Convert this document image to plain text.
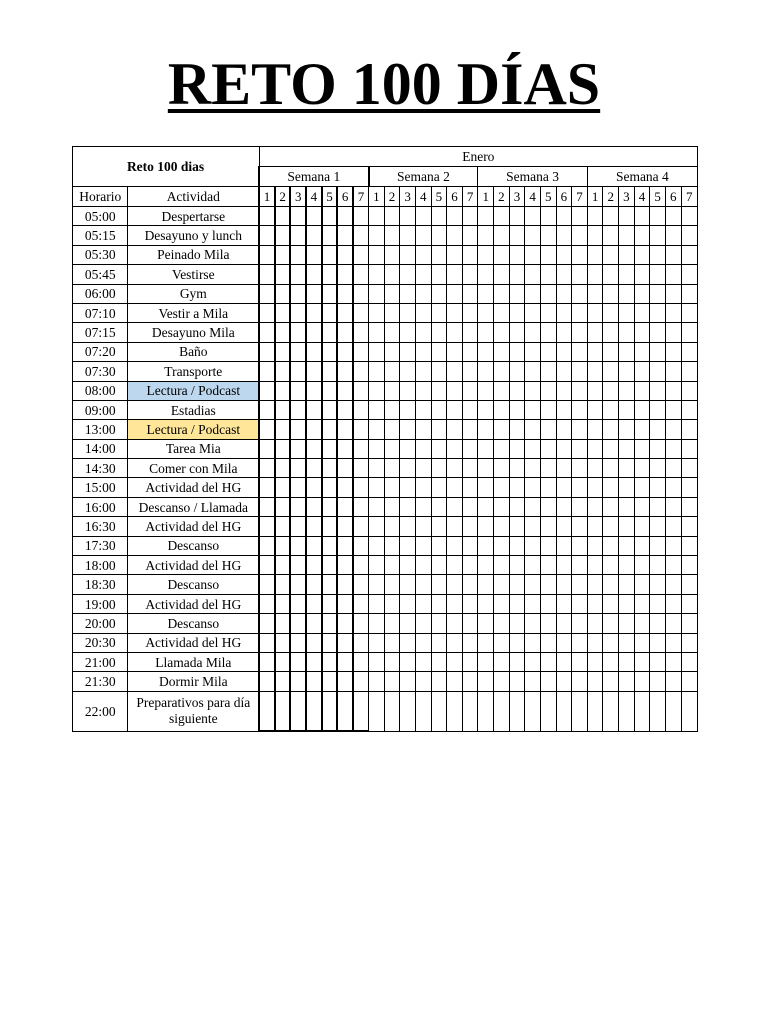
RETO 100 DÍAS
Reto 100 dias		Enero																											
		Semana 1							Semana 2							Semana 3							Semana 4						
Horario	Actividad	1	2	3	4	5	6	7	1	2	3	4	5	6	7	1	2	3	4	5	6	7	1	2	3	4	5	6	7
05:00	Despertarse																												
05:15	Desayuno y lunch																												
05:30	Peinado Mila																												
05:45	Vestirse																												
06:00	Gym																												
07:10	Vestir a Mila																												
07:15	Desayuno Mila																												
07:20	Baño																												
07:30	Transporte																												
08:00	Lectura / Podcast																												
09:00	Estadias																												
13:00	Lectura / Podcast																												
14:00	Tarea Mia																												
14:30	Comer con Mila																												
15:00	Actividad del HG																												
16:00	Descanso / Llamada																												
16:30	Actividad del HG																												
17:30	Descanso																												
18:00	Actividad del HG																												
18:30	Descanso																												
19:00	Actividad del HG																												
20:00	Descanso																												
20:30	Actividad del HG																												
21:00	Llamada Mila																												
21:30	Dormir Mila																												
22:00	Preparativos para día siguiente																												
